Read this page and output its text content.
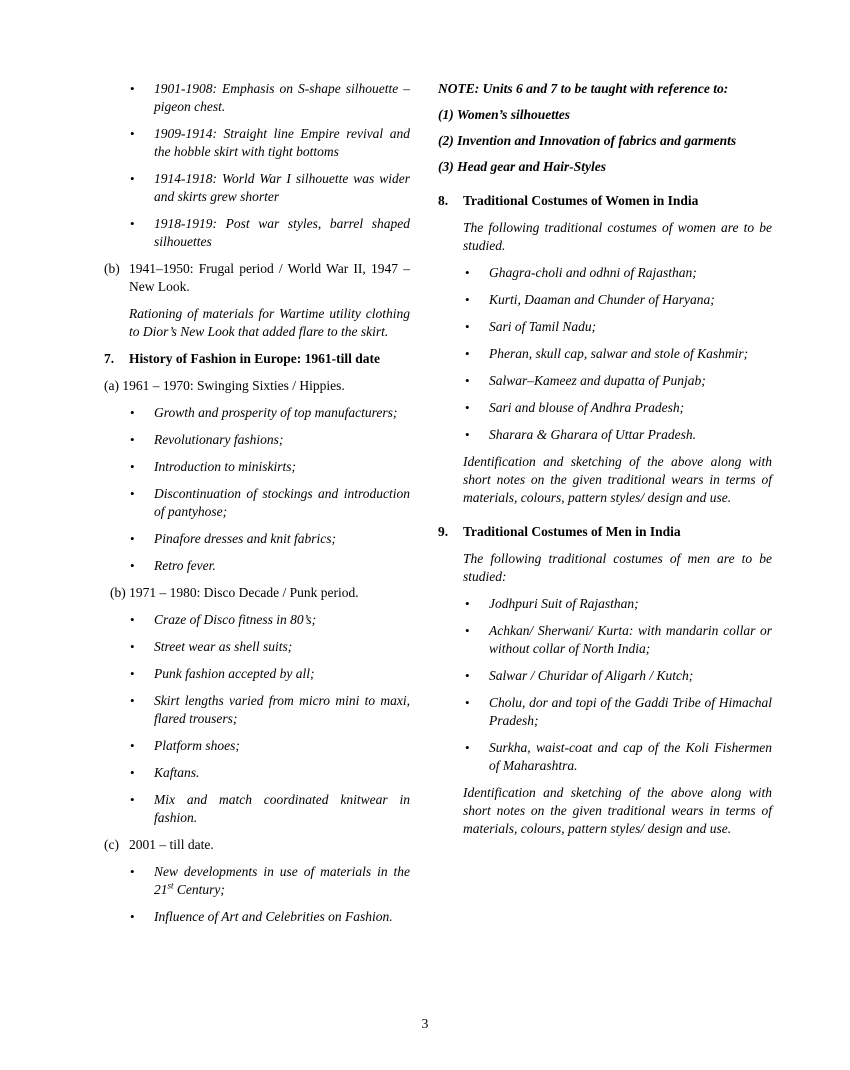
• 1901-1908: Emphasis on S-shape silhouette – pigeon chest.
• 1909-1914: Straight line Empire revival and the hobble skirt with tight bottoms
• 1914-1918: World War I silhouette was wider and skirts grew shorter
• 1918-1919: Post war styles, barrel shaped silhouettes
(b) 1941–1950: Frugal period / World War II, 1947 – New Look.

Rationing of materials for Wartime utility clothing to Dior’s New Look that added flare to the skirt.

7.	History of Fashion in Europe: 1961-till date
(a) 1961 – 1970: Swinging Sixties / Hippies.
• Growth and prosperity of top manufacturers;
• Revolutionary fashions;
• Introduction to miniskirts;
• Discontinuation of stockings and introduction of pantyhose;
• Pinafore dresses and knit fabrics;
• Retro fever.
(b) 1971 – 1980: Disco Decade / Punk period.
• Craze of Disco fitness in 80’s;
• Street wear as shell suits;
• Punk fashion accepted by all;
• Skirt lengths varied from micro mini to maxi, flared trousers;
• Platform shoes;
• Kaftans.
• Mix and match coordinated knitwear in fashion.
(c) 2001 – till date.
• New developments in use of materials in the 21st Century;
• Influence of Art and Celebrities on Fashion.

NOTE: Units 6 and 7 to be taught with reference to:

(1) Women’s silhouettes

(2) Invention and Innovation of fabrics and garments

(3) Head gear and Hair-Styles

8.	Traditional Costumes of Women in India

The following traditional costumes of women are to be studied.

• Ghagra-choli and odhni of Rajasthan;
• Kurti, Daaman and Chunder of Haryana;
• Sari of Tamil Nadu;
• Pheran, skull cap, salwar and stole of Kashmir;
• Salwar–Kameez and dupatta of Punjab;
• Sari and blouse of Andhra Pradesh;
• Sharara & Gharara of Uttar Pradesh.

Identification and sketching of the above along with short notes on the given traditional wears in terms of materials, colours, pattern styles/ design and use.

9.	Traditional Costumes of Men in India

The following traditional costumes of men are to be studied:

• Jodhpuri Suit of Rajasthan;
• Achkan/ Sherwani/ Kurta: with mandarin collar or without collar of North India;
• Salwar / Churidar of Aligarh / Kutch;
• Cholu, dor and topi of the Gaddi Tribe of Himachal Pradesh;
• Surkha, waist-coat and cap of the Koli Fishermen of Maharashtra.

Identification and sketching of the above along with short notes on the given traditional wears in terms of materials, colours, pattern styles/ design and use.

3
